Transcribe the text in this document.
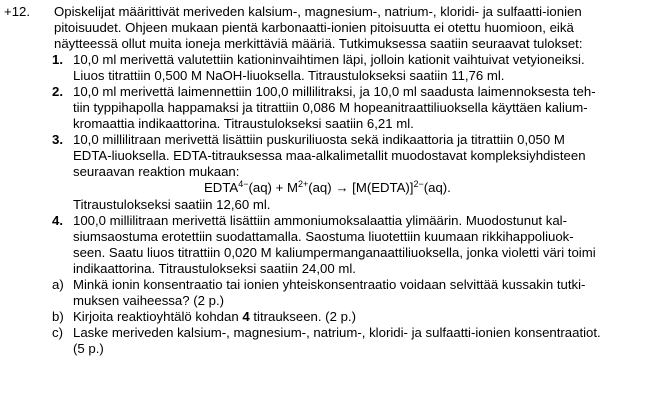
+12. Opiskelijat määrittivät meriveden kalsium-, magnesium-, natrium-, kloridi- ja sulfaatti-ionien
pitoisuudet. Ohjeen mukaan pientä karbonaatti-ionien pitoisuutta ei otettu huomioon, eikä
näytteessä ollut muita ioneja merkittäviä määriä. Tutkimuksessa saatiin seuraavat tulokset:
1. 10,0 ml merivettä valutettiin kationinvaihtimen läpi, jolloin kationit vaihtuivat vetyioneiksi.
Liuos titrattiin 0,500 M NaOH-liuoksella. Titraustulokseksi saatiin 11,76 ml.
2. 10,0 ml merivettä laimennettiin 100,0 millilitraksi, ja 10,0 ml saadusta laimennoksesta teh-
tiin typpihapolla happamaksi ja titrattiin 0,086 M hopeanitraattiliuoksella käyttäen kalium-
kromaattia indikaattorina. Titraustulokseksi saatiin 6,21 ml.
3. 10,0 millilitraan merivettä lisättiin puskuriliuosta sekä indikaattoria ja titrattiin 0,050 M
EDTA-liuoksella. EDTA-titrauksessa maa-alkalimetallit muodostavat kompleksiyhdisteen
seuraavan reaktion mukaan:
$EDTA^{4-}(aq) + M^{2+}(aq)$ → [M(EDTA)]$^{2-}$(aq).
Titraustulokseksi saatiin 12,60 ml.
4. 100,0 millilitraan merivettä lisättiin ammoniumoksalaattia ylimäärin. Muodostunut kal-
siumsaostuma erotettiin suodattamalla. Saostuma liuotettiin kuumaan rikkihappoliuok-
seen. Saatu liuos titrattiin 0,020 M kaliumpermanganaattiliuoksella, jonka violetti väri toimi
indikaattorina. Titraustulokseksi saatiin 24,00 ml.
a) Minkä ionin konsentraatio tai ionien yhteiskonsentraatio voidaan selvittää kussakin tutki-
muksen vaiheessa? (2 p.)
b) Kirjoita reaktioyhtälö kohdan 4 titraukseen. (2 p.)
c) Laske meriveden kalsium-, magnesium-, natrium-, kloridi- ja sulfaatti-ionien konsentraatiot.
(5 p.)
